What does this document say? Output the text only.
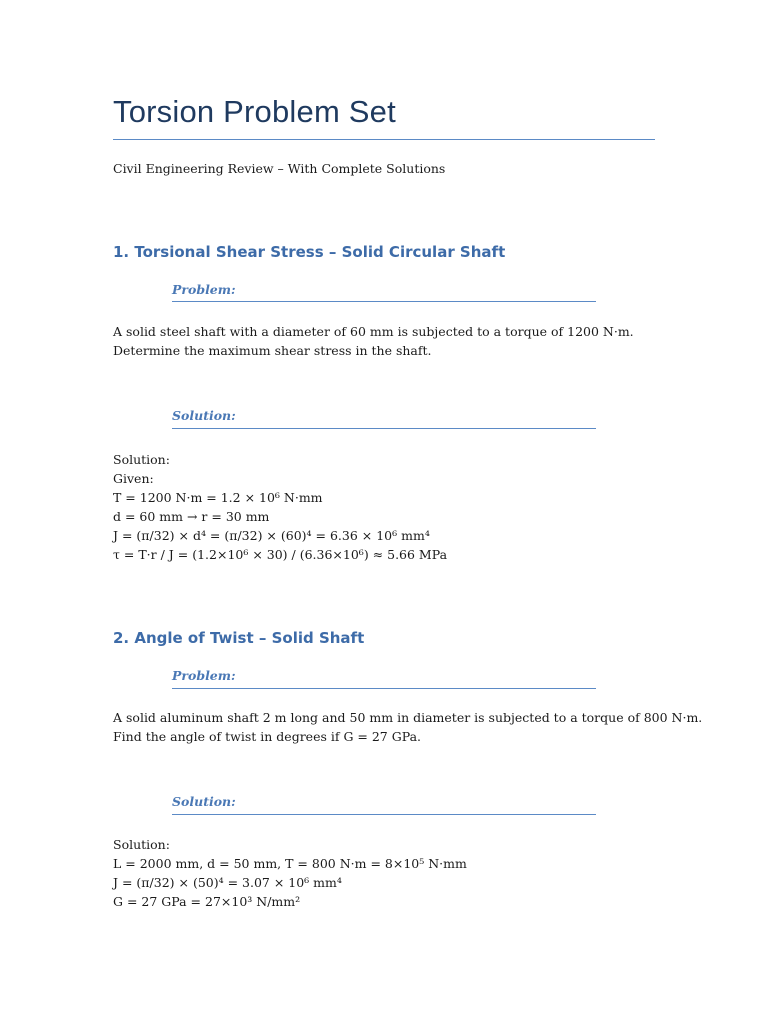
Torsion Problem Set

Civil Engineering Review – With Complete Solutions

1. Torsional Shear Stress – Solid Circular Shaft

Problem:

A solid steel shaft with a diameter of 60 mm is subjected to a torque of 1200 N·m.
Determine the maximum shear stress in the shaft.

Solution:

Solution:
Given:
T = 1200 N·m = 1.2 × 10⁶ N·mm
d = 60 mm → r = 30 mm
J = (π/32) × d⁴ = (π/32) × (60)⁴ = 6.36 × 10⁶ mm⁴
τ = T·r / J = (1.2×10⁶ × 30) / (6.36×10⁶) ≈ 5.66 MPa
2. Angle of Twist – Solid Shaft

Problem:

A solid aluminum shaft 2 m long and 50 mm in diameter is subjected to a torque of 800 N·m.
Find the angle of twist in degrees if G = 27 GPa.

Solution:

Solution:
L = 2000 mm, d = 50 mm, T = 800 N·m = 8×10⁵ N·mm
J = (π/32) × (50)⁴ = 3.07 × 10⁶ mm⁴
G = 27 GPa = 27×10³ N/mm²
